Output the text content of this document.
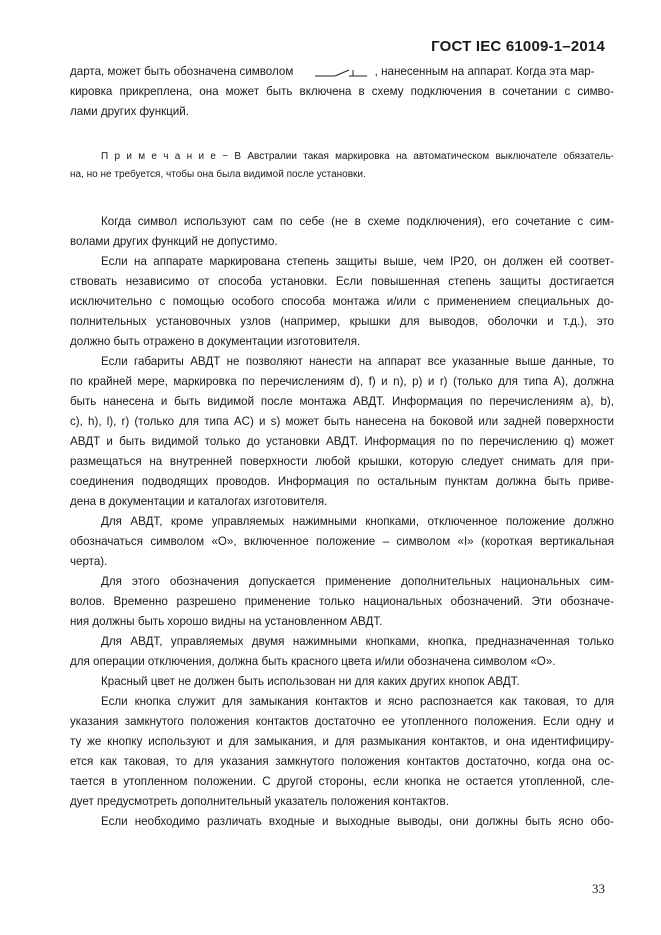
ГОСТ IEC 61009-1–2014
дарта, может быть обозначена символом	, нанесенным на аппарат. Когда эта мар-
кировка прикреплена, она может быть включена в схему подключения в сочетании с симво-
лами других функций.
П р и м е ч а н и е − В Австралии такая маркировка на автоматическом выключателе обязатель-
на, но не требуется, чтобы она была видимой после установки.
Когда символ используют сам по себе (не в схеме подключения), его сочетание с сим-
волами других функций не допустимо.
Если на аппарате маркирована степень защиты выше, чем IP20, он должен ей соответ-
ствовать независимо от способа установки. Если повышенная степень защиты достигается
исключительно с помощью особого способа монтажа и/или с применением специальных до-
полнительных установочных узлов (например, крышки для выводов, оболочки и т.д.), это
должно быть отражено в документации изготовителя.
Если габариты АВДТ не позволяют нанести на аппарат все указанные выше данные, то
по крайней мере, маркировка по перечислениям d), f) и n), p) и r) (только для типа A), должна
быть нанесена и быть видимой после монтажа АВДТ. Информация по перечислениям a), b),
c), h), l), r) (только для типа AC) и s) может быть нанесена на боковой или задней поверхности
АВДТ и быть видимой только до установки АВДТ. Информация по по перечислению q) может
размещаться на внутренней поверхности любой крышки, которую следует снимать для при-
соединения подводящих проводов. Информация по остальным пунктам должна быть приве-
дена в документации и каталогах изготовителя.
Для АВДТ, кроме управляемых нажимными кнопками, отключенное положение должно
обозначаться символом «O», включенное положение – символом «I» (короткая вертикальная
черта).
Для этого обозначения допускается применение дополнительных национальных сим-
волов. Временно разрешено применение только национальных обозначений. Эти обозначе-
ния должны быть хорошо видны на установленном АВДТ.
Для АВДТ, управляемых двумя нажимными кнопками, кнопка, предназначенная только
для операции отключения, должна быть красного цвета и/или обозначена символом «O».
Красный цвет не должен быть использован ни для каких других кнопок АВДТ.
Если кнопка служит для замыкания контактов и ясно распознается как таковая, то для
указания замкнутого положения контактов достаточно ее утопленного положения. Если одну и
ту же кнопку используют и для замыкания, и для размыкания контактов, и она идентифициру-
ется как таковая, то для указания замкнутого положения контактов достаточно, когда она ос-
тается в утопленном положении. С другой стороны, если кнопка не остается утопленной, сле-
дует предусмотреть дополнительный указатель положения контактов.
Если необходимо различать входные и выходные выводы, они должны быть ясно обо-
33
